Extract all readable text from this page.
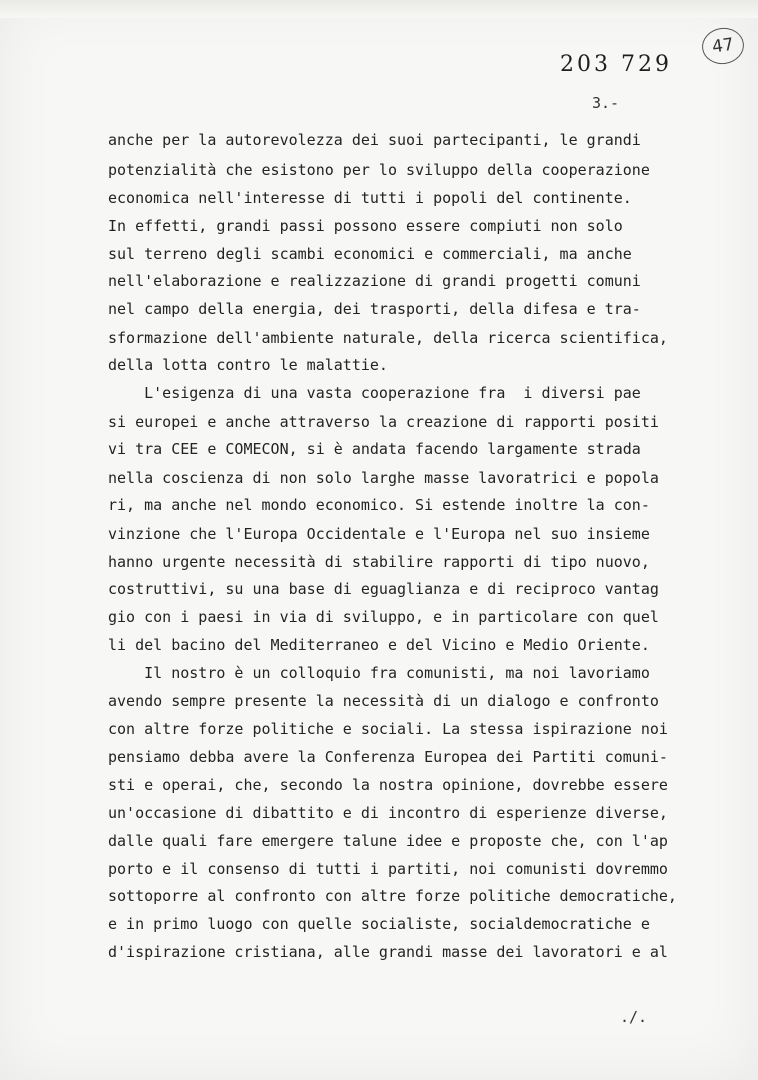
47
203 729
3.-
anche per la autorevolezza dei suoi partecipanti, le grandi
potenzialità che esistono per lo sviluppo della cooperazione
economica nell'interesse di tutti i popoli del continente.
In effetti, grandi passi possono essere compiuti non solo
sul terreno degli scambi economici e commerciali, ma anche
nell'elaborazione e realizzazione di grandi progetti comuni
nel campo della energia, dei trasporti, della difesa e tra-
sformazione dell'ambiente naturale, della ricerca scientifica,
della lotta contro le malattie.
L'esigenza di una vasta cooperazione fra  i diversi pae
si europei e anche attraverso la creazione di rapporti positi
vi tra CEE e COMECON, si è andata facendo largamente strada
nella coscienza di non solo larghe masse lavoratrici e popola
ri, ma anche nel mondo economico. Si estende inoltre la con-
vinzione che l'Europa Occidentale e l'Europa nel suo insieme
hanno urgente necessità di stabilire rapporti di tipo nuovo,
costruttivi, su una base di eguaglianza e di reciproco vantag
gio con i paesi in via di sviluppo, e in particolare con quel
li del bacino del Mediterraneo e del Vicino e Medio Oriente.
Il nostro è un colloquio fra comunisti, ma noi lavoriamo
avendo sempre presente la necessità di un dialogo e confronto
con altre forze politiche e sociali. La stessa ispirazione noi
pensiamo debba avere la Conferenza Europea dei Partiti comuni-
sti e operai, che, secondo la nostra opinione, dovrebbe essere
un'occasione di dibattito e di incontro di esperienze diverse,
dalle quali fare emergere talune idee e proposte che, con l'ap
porto e il consenso di tutti i partiti, noi comunisti dovremmo
sottoporre al confronto con altre forze politiche democratiche,
e in primo luogo con quelle socialiste, socialdemocratiche e
d'ispirazione cristiana, alle grandi masse dei lavoratori e al
./.
